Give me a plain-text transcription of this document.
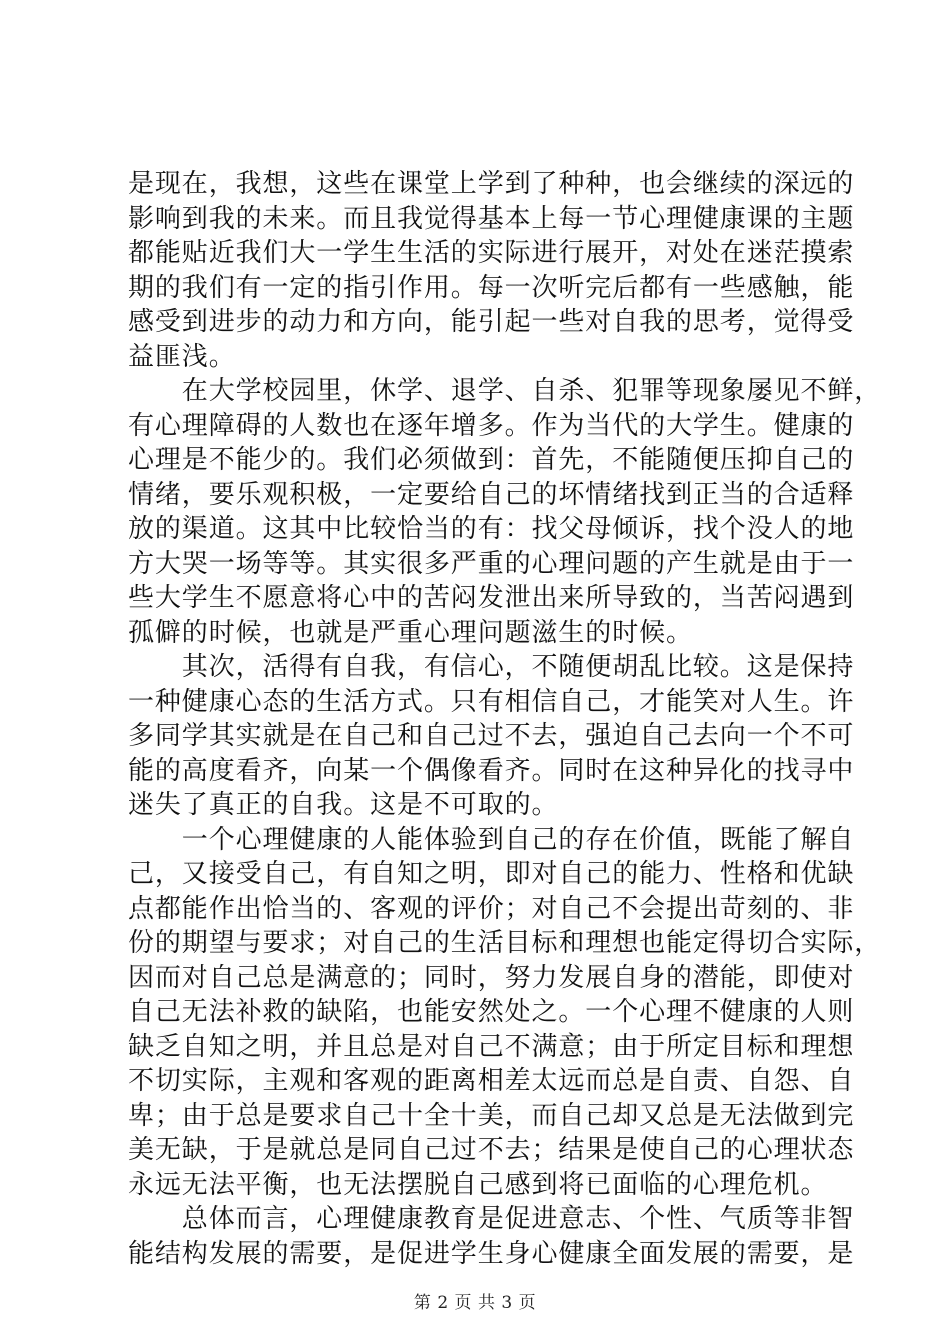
是现在，我想，这些在课堂上学到了种种，也会继续的深远的
影响到我的未来。而且我觉得基本上每一节心理健康课的主题
都能贴近我们大一学生生活的实际进行展开，对处在迷茫摸索
期的我们有一定的指引作用。每一次听完后都有一些感触，能
感受到进步的动力和方向，能引起一些对自我的思考，觉得受
益匪浅。
　　在大学校园里，休学、退学、自杀、犯罪等现象屡见不鲜，
有心理障碍的人数也在逐年增多。作为当代的大学生。健康的
心理是不能少的。我们必须做到：首先，不能随便压抑自己的
情绪，要乐观积极，一定要给自己的坏情绪找到正当的合适释
放的渠道。这其中比较恰当的有：找父母倾诉，找个没人的地
方大哭一场等等。其实很多严重的心理问题的产生就是由于一
些大学生不愿意将心中的苦闷发泄出来所导致的，当苦闷遇到
孤僻的时候，也就是严重心理问题滋生的时候。
　　其次，活得有自我，有信心，不随便胡乱比较。这是保持
一种健康心态的生活方式。只有相信自己，才能笑对人生。许
多同学其实就是在自己和自己过不去，强迫自己去向一个不可
能的高度看齐，向某一个偶像看齐。同时在这种异化的找寻中
迷失了真正的自我。这是不可取的。
　　一个心理健康的人能体验到自己的存在价值，既能了解自
己，又接受自己，有自知之明，即对自己的能力、性格和优缺
点都能作出恰当的、客观的评价；对自己不会提出苛刻的、非
份的期望与要求；对自己的生活目标和理想也能定得切合实际，
因而对自己总是满意的；同时，努力发展自身的潜能，即使对
自己无法补救的缺陷，也能安然处之。一个心理不健康的人则
缺乏自知之明，并且总是对自己不满意；由于所定目标和理想
不切实际，主观和客观的距离相差太远而总是自责、自怨、自
卑；由于总是要求自己十全十美，而自己却又总是无法做到完
美无缺，于是就总是同自己过不去；结果是使自己的心理状态
永远无法平衡，也无法摆脱自己感到将已面临的心理危机。
　　总体而言，心理健康教育是促进意志、个性、气质等非智
能结构发展的需要，是促进学生身心健康全面发展的需要，是
第 2 页 共 3 页
